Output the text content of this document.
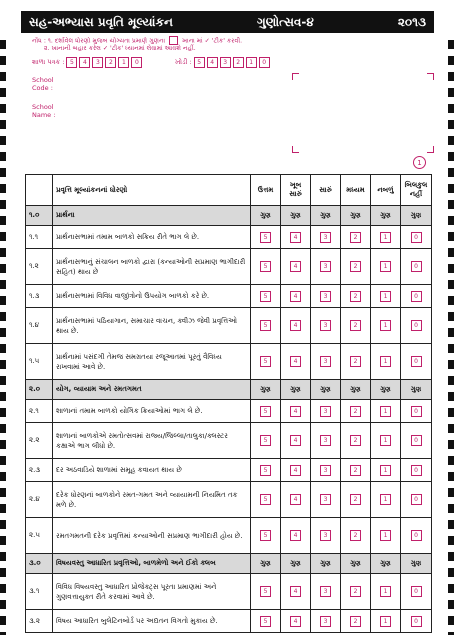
સહ-અભ્યાસ પ્રવૃતિ મૂલ્યાંકન	ગુણોત્સવ-૪	૨૦૧૩
નોંધ : ૧. દર્શાવેલ ધોરણો મુજબ યોગ્યતા પ્રમાણે ગુણના	ખાના માં ✓ 'ટીક' કરવી.
૨. ખાનાની બહાર કરેલ ✓ 'ટીક' ધ્યાનમાં લેવામાં આવશે નહીં.
શાળા પત્રક : 5	4	3	2	1	0	ખોડી : 5	4	3	2	1	0
School Code :
School Name :
1
	પ્રવૃત્તિ મૂલ્યાંકનનાં ધોરણો	ઉત્તમ	ખૂબ સારું	સારું	મધ્યમ	નબળું	બિલકુલ નહીં
૧.૦	પ્રાર્થના	ગુણ	ગુણ	ગુણ	ગુણ	ગુણ	ગુણ
૧.૧	પ્રાર્થનાસભામાં તમામ બાળકો સક્રિય રીતે ભાગ લે છે.	5	4	3	2	1	0
૧.૨	પ્રાર્થનાસભાનું સંચાલન બાળકો દ્વારા (કન્યાઓની સપ્રમાણ ભાગીદારી સહિત) થાય છે	5	4	3	2	1	0
૧.૩	પ્રાર્થનાસભામાં વિવિધ વાજીંત્રોનો ઉપયોગ બાળકો કરે છે.	5	4	3	2	1	0
૧.૪	પ્રાર્થનાસભામાં પઠિયાગાન, સમાચાર વાચન, ક્વીઝ જેવી પ્રવૃત્તિઓ થાય છે.	5	4	3	2	1	0
૧.૫	પ્રાર્થનામાં પસંદગી તેમજ સમગ્રતયા રજૂઆતમાં પૂરતું વૈવિધ્ય રાખવામાં આવે છે.	5	4	3	2	1	0
૨.૦	યોગ, વ્યાયામ અને રમતગમત	ગુણ	ગુણ	ગુણ	ગુણ	ગુણ	ગુણ
૨.૧	શાળાનાં તમામ બાળકો યોગિક ક્રિયાઓમાં ભાગ લે છે.	5	4	3	2	1	0
૨.૨	શાળાનાં બાળકોએ રમતોત્સવમાં રાજ્ય/જિલ્લા/તાલુકા/ક્લસ્ટર કક્ષાએ ભાગ લીધો છે.	5	4	3	2	1	0
૨.૩	દર અઠવાડિયે શાળામાં સમૂહ કવાયત થાય છે	5	4	3	2	1	0
૨.૪	દરેક ધોરણનાં બાળકોને રમત-ગમત અને વ્યાયામની નિયમિત તક મળે છે.	5	4	3	2	1	0
૨.૫	રમતગમતની દરેક પ્રવૃત્તિમાં કન્યાઓની સપ્રમાણ ભાગીદારી હોય છે.	5	4	3	2	1	0
૩.૦	વિષયવસ્તુ આધારિત પ્રવૃત્તિઓ, બાળમેળો અને ઈકો ક્લબ	ગુણ	ગુણ	ગુણ	ગુણ	ગુણ	ગુણ
૩.૧	વિવિધ વિષયવસ્તુ આધારિત પ્રોજેક્ટ્સ પૂરતા પ્રમાણમાં અને ગુણવત્તાયુક્ત રીતે કરવામાં આવે છે.	5	4	3	2	1	0
૩.૨	વિષય આધારિત બુલેટિનબોર્ડ પર અદ્યતન વિગતો મુકાય છે.	5	4	3	2	1	0
